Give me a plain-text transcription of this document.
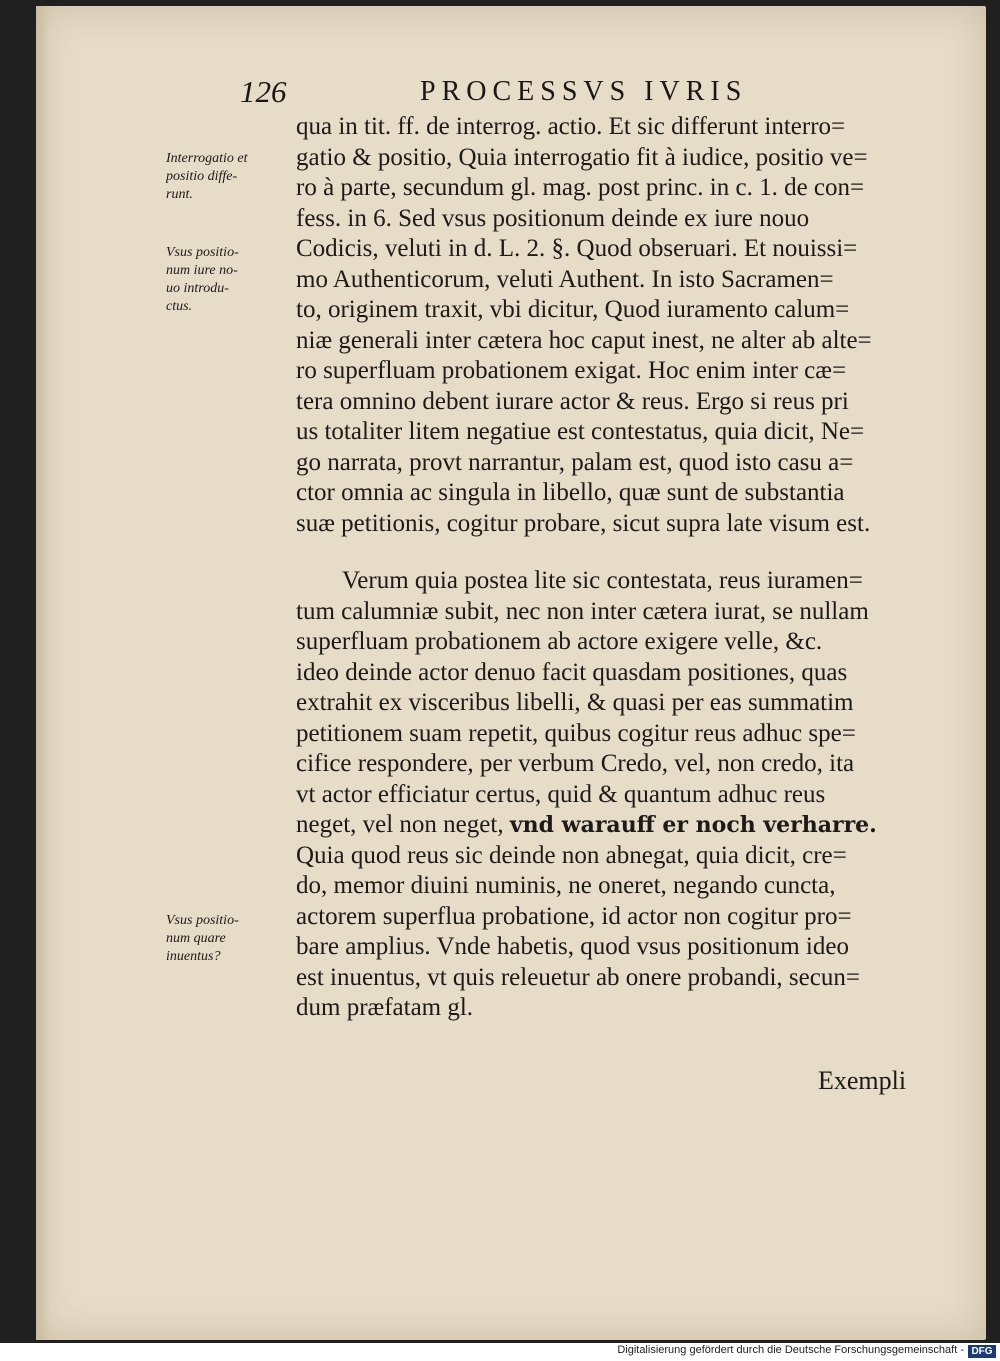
126	PROCESSVS IVRIS

qua in tit. ff. de interrog. actio. Et sic differunt interro=
gatio & positio, Quia interrogatio fit à iudice, positio ve=
ro à parte, secundum gl. mag. post princ. in c. 1. de con=
fess. in 6. Sed vsus positionum deinde ex iure nouo
Codicis, veluti in d. L. 2. §. Quod obseruari. Et nouissi=
mo Authenticorum, veluti Authent. In isto Sacramen=
to, originem traxit, vbi dicitur, Quod iuramento calum=
niæ generali inter cætera hoc caput inest, ne alter ab alte=
ro superfluam probationem exigat. Hoc enim inter cæ=
tera omnino debent iurare actor & reus. Ergo si reus pri
us totaliter litem negatiue est contestatus, quia dicit, Ne=
go narrata, provt narrantur, palam est, quod isto casu a=
ctor omnia ac singula in libello, quæ sunt de substantia
suæ petitionis, cogitur probare, sicut supra late visum est.
Verum quia postea lite sic contestata, reus iuramen=
tum calumniæ subit, nec non inter cætera iurat, se nullam
superfluam probationem ab actore exigere velle, &c.
ideo deinde actor denuo facit quasdam positiones, quas
extrahit ex visceribus libelli, & quasi per eas summatim
petitionem suam repetit, quibus cogitur reus adhuc spe=
cifice respondere, per verbum Credo, vel, non credo, ita
vt actor efficiatur certus, quid & quantum adhuc reus
neget, vel non neget, vnd warauff er noch verharre.
Quia quod reus sic deinde non abnegat, quia dicit, cre=
do, memor diuini numinis, ne oneret, negando cuncta,
actorem superflua probatione, id actor non cogitur pro=
bare amplius. Vnde habetis, quod vsus positionum ideo
est inuentus, vt quis releuetur ab onere probandi, secun=
dum præfatam gl.
Interrogatio et
positio diffe-
runt.
Vsus positio-
num iure no-
uo introdu-
ctus.
Vsus positio-
num quare
inuentus?

Exempli

Digitalisierung gefördert durch die Deutsche Forschungsgemeinschaft - DFG
